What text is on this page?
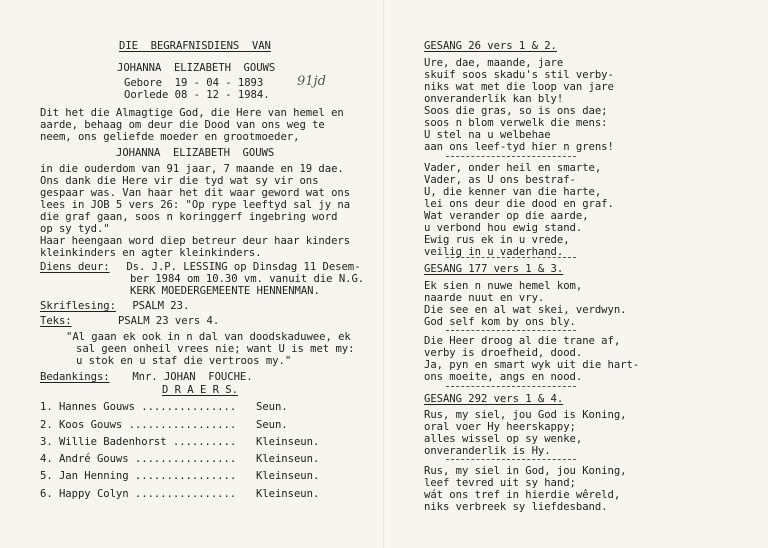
DIE  BEGRAFNISDIENS  VAN
JOHANNA  ELIZABETH  GOUWS
Gebore  19 - 04 - 1893
Oorlede 08 - 12 - 1984.
91jd
Dit het die Almagtige God, die Here van hemel en
aarde, behaag om deur die Dood van ons weg te
neem, ons geliefde moeder en grootmoeder,
JOHANNA  ELIZABETH  GOUWS
in die ouderdom van 91 jaar, 7 maande en 19 dae.
Ons dank die Here vir die tyd wat sy vir ons
gespaar was. Van haar het dit waar geword wat ons
lees in JOB 5 vers 26: "Op rype leeftyd sal jy na
die graf gaan, soos n koringgerf ingebring word
op sy tyd."
Haar heengaan word diep betreur deur haar kinders
kleinkinders en agter kleinkinders.
Diens deur: Ds. J.P. LESSING op Dinsdag 11 Desem-
ber 1984 om 10.30 vm. vanuit die N.G.
KERK MOEDERGEMEENTE HENNENMAN.
Skriflesing: PSALM 23.
Teks: PSALM 23 vers 4.
"Al gaan ek ook in n dal van doodskaduwee, ek
sal geen onheil vrees nie; want U is met my:
u stok en u staf die vertroos my."
Bedankings: Mnr. JOHAN  FOUCHE.
D R A E R S.
1. Hannes Gouws ............... Seun.
2. Koos Gouws ................. Seun.
3. Willie Badenhorst .......... Kleinseun.
4. André Gouws ................ Kleinseun.
5. Jan Henning ................ Kleinseun.
6. Happy Colyn ................ Kleinseun.
GESANG 26 vers 1 & 2.
Ure, dae, maande, jare
skuif soos skadu's stil verby-
niks wat met die loop van jare
onveranderlik kan bly!
Soos die gras, so is ons dae;
soos n blom verwelk die mens:
U stel na u welbehae
aan ons leef-tyd hier n grens!
Vader, onder heil en smarte,
Vader, as U ons bestraf-
U, die kenner van die harte,
lei ons deur die dood en graf.
Wat verander op die aarde,
u verbond hou ewig stand.
Ewig rus ek in u vrede,
veilig in u vaderhand.
GESANG 177 vers 1 & 3.
Ek sien n nuwe hemel kom,
naarde nuut en vry.
Die see en al wat skei, verdwyn.
God self kom by ons bly.
Die Heer droog al die trane af,
verby is droefheid, dood.
Ja, pyn en smart wyk uit die hart-
ons moeite, angs en nood.
GESANG 292 vers 1 & 4.
Rus, my siel, jou God is Koning,
oral voer Hy heerskappy;
alles wissel op sy wenke,
onveranderlik is Hy.
Rus, my siel in God, jou Koning,
leef tevred uit sy hand;
wát ons tref in hierdie wêreld,
niks verbreek sy liefdesband.
